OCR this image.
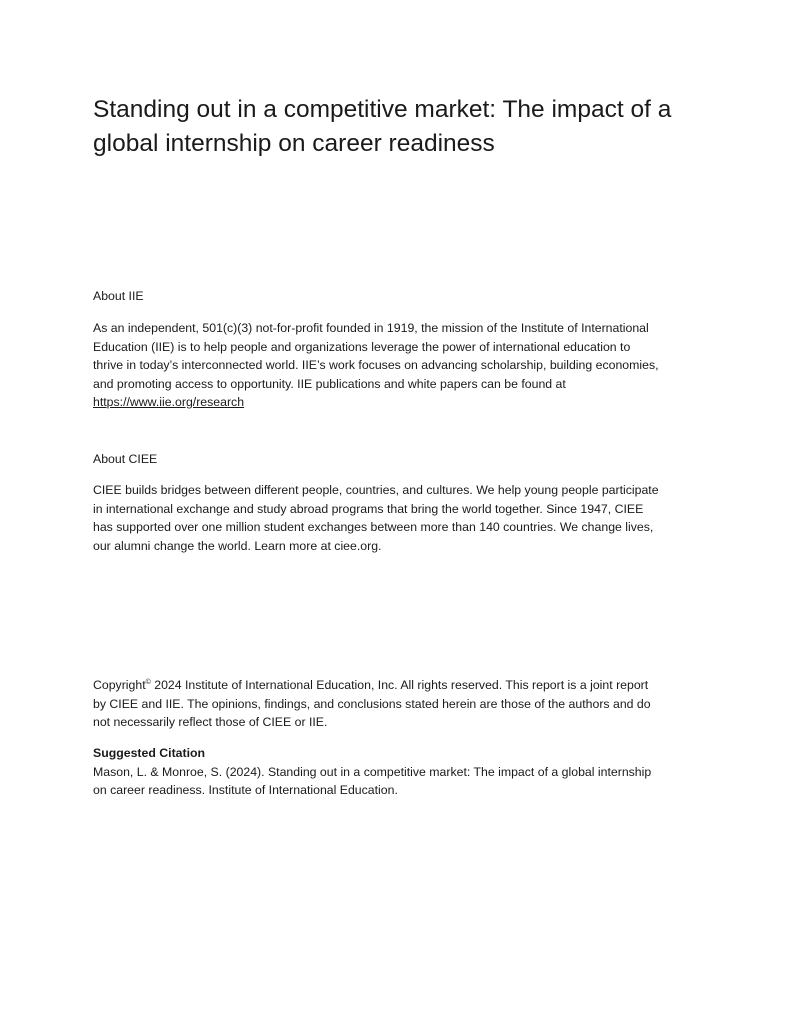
Standing out in a competitive market: The impact of a
global internship on career readiness
About IIE
As an independent, 501(c)(3) not-for-profit founded in 1919, the mission of the Institute of International
Education (IIE) is to help people and organizations leverage the power of international education to
thrive in today’s interconnected world. IIE’s work focuses on advancing scholarship, building economies,
and promoting access to opportunity. IIE publications and white papers can be found at
https://www.iie.org/research
About CIEE
CIEE builds bridges between different people, countries, and cultures. We help young people participate
in international exchange and study abroad programs that bring the world together. Since 1947, CIEE
has supported over one million student exchanges between more than 140 countries. We change lives,
our alumni change the world. Learn more at ciee.org.
Copyright© 2024 Institute of International Education, Inc. All rights reserved. This report is a joint report
by CIEE and IIE. The opinions, findings, and conclusions stated herein are those of the authors and do
not necessarily reflect those of CIEE or IIE.
Suggested Citation
Mason, L. & Monroe, S. (2024). Standing out in a competitive market: The impact of a global internship
on career readiness. Institute of International Education.
